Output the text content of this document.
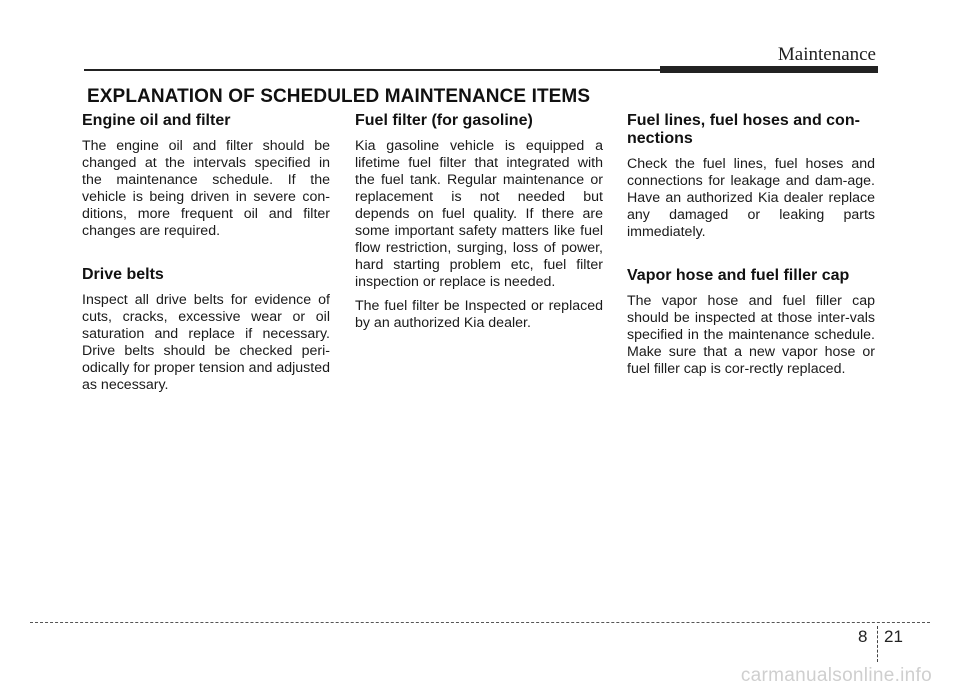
Maintenance
EXPLANATION OF SCHEDULED MAINTENANCE ITEMS
Engine oil and filter

The engine oil and filter should be changed at the intervals specified in the maintenance schedule. If the vehicle is being driven in severe con-ditions, more frequent oil and filter changes are required.

Drive belts

Inspect all drive belts for evidence of cuts, cracks, excessive wear or oil saturation and replace if necessary. Drive belts should be checked peri-odically for proper tension and adjusted as necessary.

Fuel filter (for gasoline)

Kia gasoline vehicle is equipped a lifetime fuel filter that integrated with the fuel tank. Regular maintenance or replacement is not needed but depends on fuel quality. If there are some important safety matters like fuel flow restriction, surging, loss of power, hard starting problem etc, fuel filter inspection or replace is needed.

The fuel filter be Inspected or replaced by an authorized Kia dealer.

Fuel lines, fuel hoses and con-nections

Check the fuel lines, fuel hoses and connections for leakage and dam-age. Have an authorized Kia dealer replace any damaged or leaking parts immediately.

Vapor hose and fuel filler cap

The vapor hose and fuel filler cap should be inspected at those inter-vals specified in the maintenance schedule. Make sure that a new vapor hose or fuel filler cap is cor-rectly replaced.

8 21
carmanualsonline.info
